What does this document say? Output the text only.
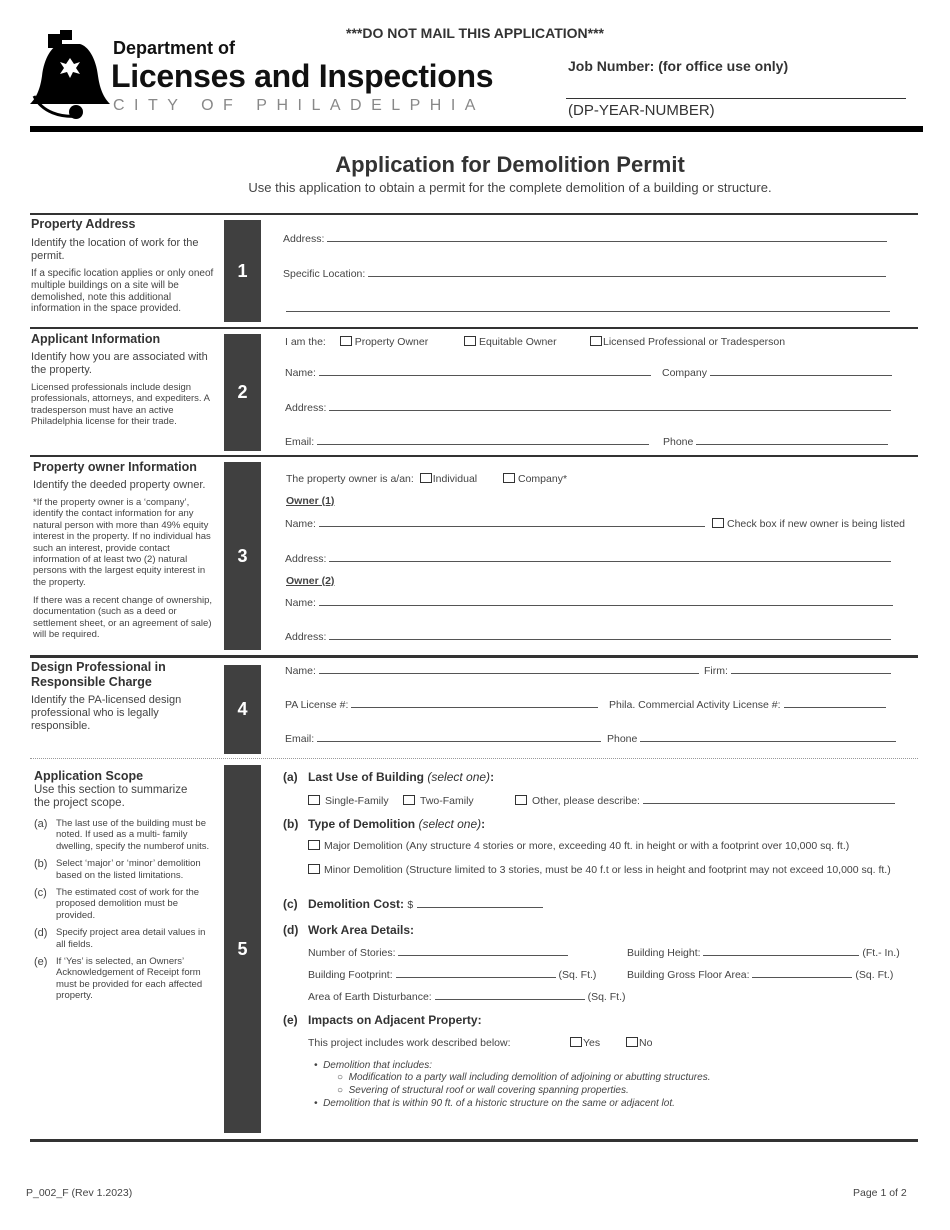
***DO NOT MAIL THIS APPLICATION***
Department of
Licenses and Inspections
CITY OF PHILADELPHIA
Job Number: (for office use only)
(DP-YEAR-NUMBER)
Application for Demolition Permit
Use this application to obtain a permit for the complete demolition of a building or structure.
Property Address
Identify the location of work for the permit.
If a specific location applies or only oneof multiple buildings on a site will be demolished, note this additional information in the space provided.
1
Address:
Specific Location:
Applicant Information
Identify how you are associated with the property.
Licensed professionals include design professionals, attorneys, and expediters. A tradesperson must have an active Philadelphia license for their trade.
2
I am the:	Property Owner	Equitable Owner	Licensed Professional or Tradesperson
Name:	Company
Address:
Email:	Phone
Property owner Information
Identify the deeded property owner.
*If the property owner is a ‘company’, identify the contact information for any natural person with more than 49% equity interest in the property. If no individual has such an interest, provide contact information of at least two (2) natural persons with the largest equity interest in the property.
If there was a recent change of ownership, documentation (such as a deed or settlement sheet, or an agreement of sale) will be required.
3
The property owner is a/an: Individual	Company*
Owner (1)
Name:	Check box if new owner is being listed
Address:
Owner (2)
Name:
Address:
Design Professional in Responsible Charge
Identify the PA-licensed design professional who is legally responsible.
4
Name:	Firm:
PA License #:	Phila. Commercial Activity License #:
Email:	Phone
Application Scope
Use this section to summarize the project scope.
(a) The last use of the building must be noted. If used as a multi- family dwelling, specify the numberof units.
(b) Select ‘major’ or ‘minor’ demolition based on the listed limitations.
(c) The estimated cost of work for the proposed demolition must be provided.
(d) Specify project area detail values in all fields.
(e) If ‘Yes’ is selected, an Owners’ Acknowledgement of Receipt form must be provided for each affected property.
5
(a) Last Use of Building (select one):
Single-Family	Two-Family	Other, please describe:
(b) Type of Demolition (select one):
Major Demolition (Any structure 4 stories or more, exceeding 40 ft. in height or with a footprint over 10,000 sq. ft.)
Minor Demolition (Structure limited to 3 stories, must be 40 f.t or less in height and footprint may not exceed 10,000 sq. ft.)
(c) Demolition Cost: $
(d) Work Area Details:
Number of Stories:	Building Height:	(Ft.- In.)
Building Footprint:	(Sq. Ft.)	Building Gross Floor Area:	(Sq. Ft.)
Area of Earth Disturbance:	(Sq. Ft.)
(e) Impacts on Adjacent Property:
This project includes work described below:	Yes	No
•  Demolition that includes:
○  Modification to a party wall including demolition of adjoining or abutting structures.
○  Severing of structural roof or wall covering spanning properties.
•  Demolition that is within 90 ft. of a historic structure on the same or adjacent lot.
P_002_F (Rev 1.2023)	Page 1 of 2
